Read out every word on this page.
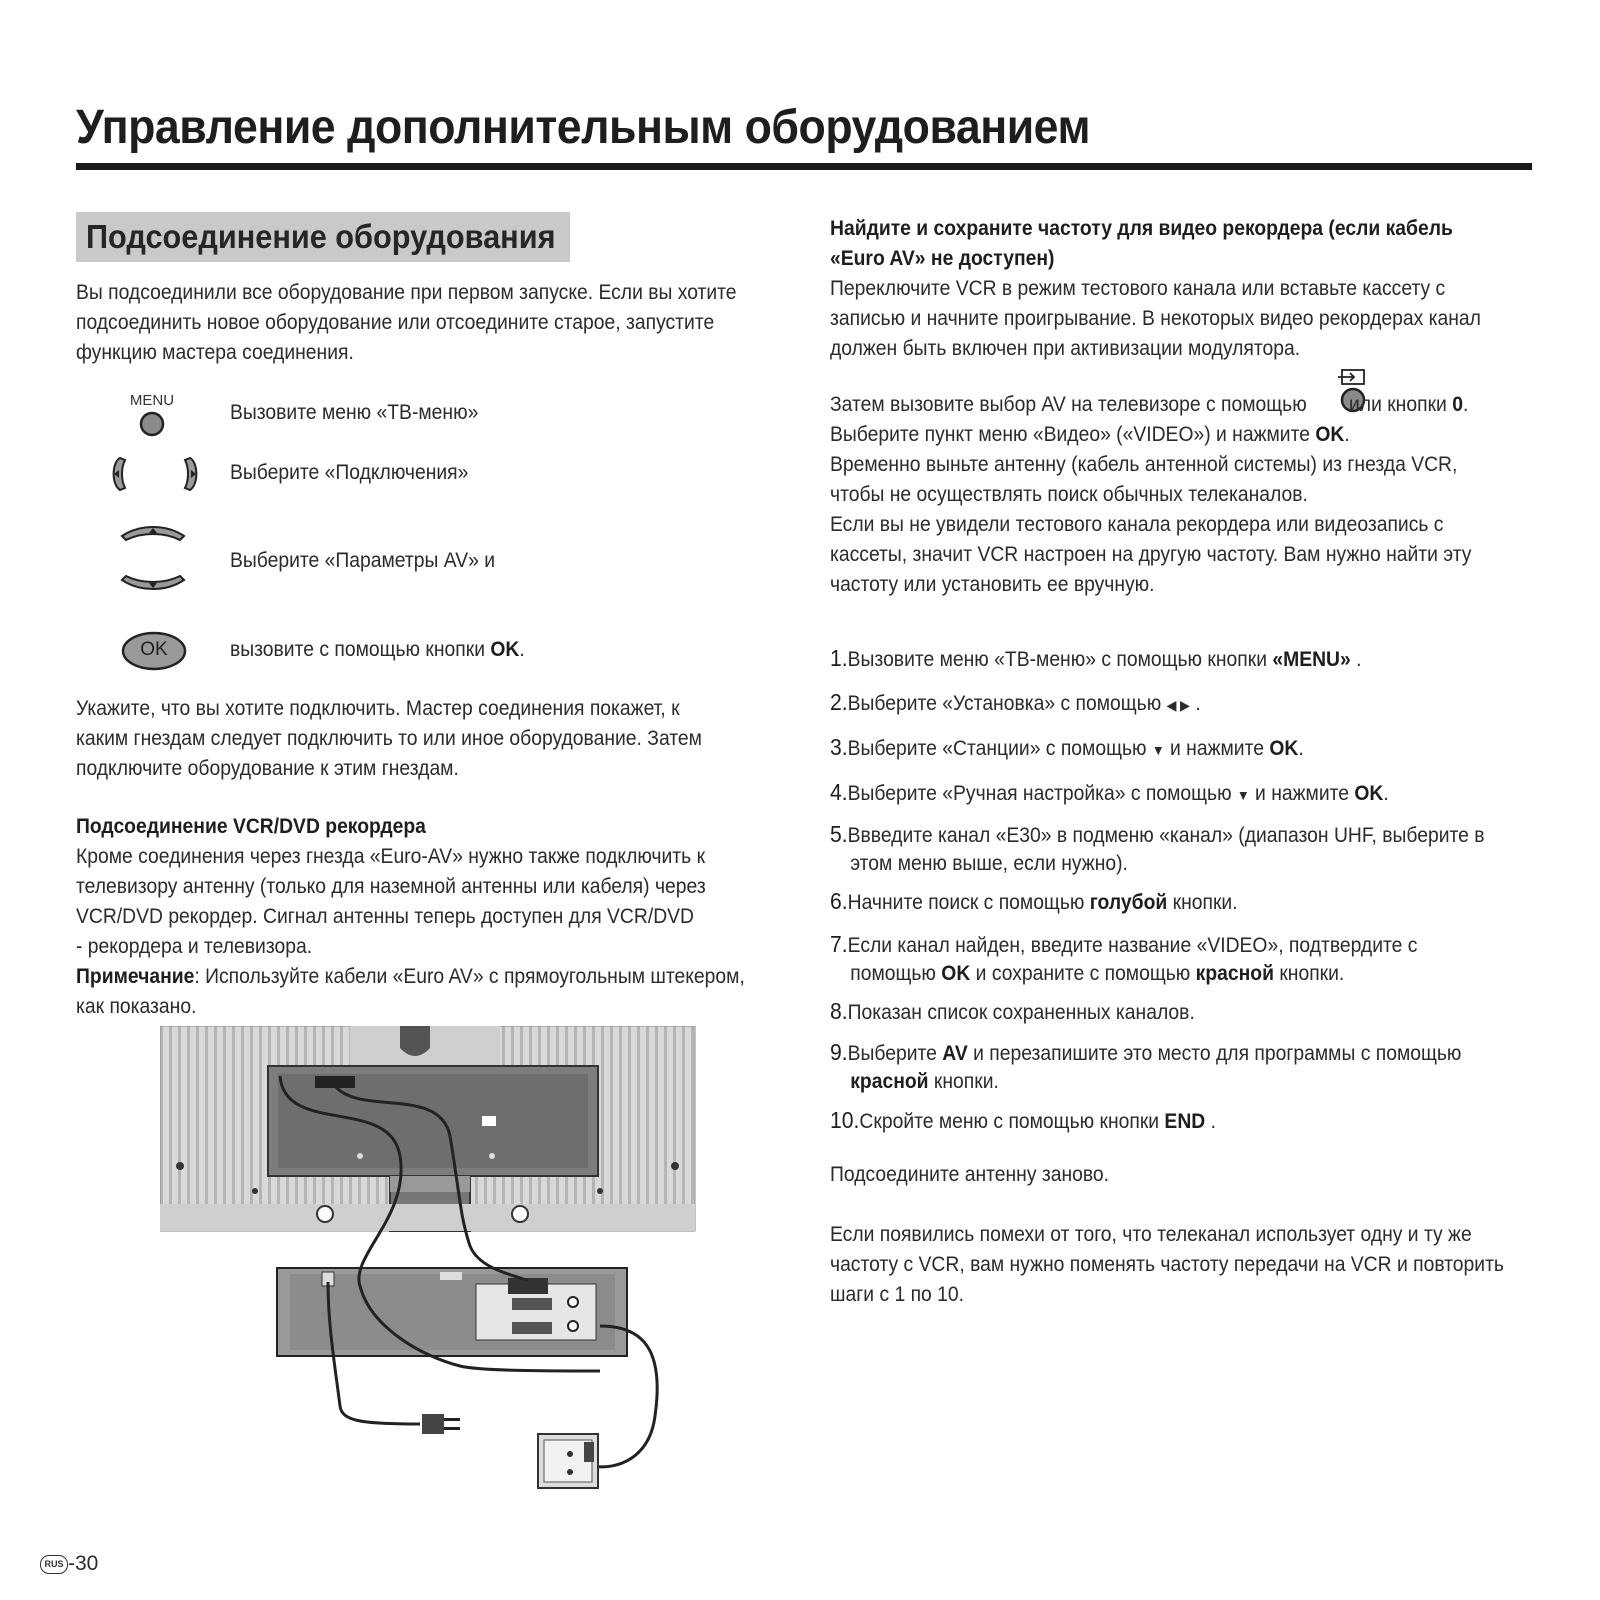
Управление дополнительным оборудованием
Подсоединение оборудования

Вы подсоединили все оборудование при первом запуске. Если вы хотите

подсоединить новое оборудование или отсоедините старое, запустите

функцию мастера соединения.

MENU
Вызовите меню «ТВ-меню»
Выберите «Подключения»
Выберите «Параметры AV» и
OK	вызовите с помощью кнопки OK.

Укажите, что вы хотите подключить. Мастер соединения покажет, к

каким гнездам следует подключить то или иное оборудование. Затем

подключите оборудование к этим гнездам.

Подсоединение VCR/DVD рекордера

Кроме соединения через гнезда «Euro-AV» нужно также подключить к

телевизору антенну (только для наземной антенны или кабеля) через

VCR/DVD рекордер. Сигнал антенны теперь доступен для VCR/DVD

- рекордера и телевизора.

Примечание: Используйте кабели «Euro AV» с прямоугольным штекером,

как показано.

Найдите и сохраните частоту для видео рекордера (если кабель

«Euro AV» не доступен)

Переключите VCR в режим тестового канала или вставьте кассету с

записью и начните проигрывание. В некоторых видео рекордерах канал

должен быть включен при активизации модулятора.

Затем вызовите выбор AV на телевизоре с помощью или кнопки 0.

Выберите пункт меню «Видео» («VIDEO») и нажмите OK.

Временно выньте антенну (кабель антенной системы) из гнезда VCR,

чтобы не осуществлять поиск обычных телеканалов.

Если вы не увидели тестового канала рекордера или видеозапись с

кассеты, значит VCR настроен на другую частоту. Вам нужно найти эту

частоту или установить ее вручную.

1.Вызовите меню «ТВ-меню» с помощью кнопки «MENU» .
2.Выберите «Установка» с помощью ◀ ▶ .
3.Выберите «Станции» с помощью ▼ и нажмите OK.
4.Выберите «Ручная настройка» с помощью ▼ и нажмите OK.
5.Ввведите канал «Е30» в подменю «канал» (диапазон UHF, выберите в
этом меню выше, если нужно).
6.Начните поиск с помощью голубой кнопки.
7.Если канал найден, введите название «VIDEO», подтвердите с
помощью OK и сохраните с помощью красной кнопки.
8.Показан список сохраненных каналов.
9.Выберите AV и перезапишите это место для программы с помощью
красной кнопки.
10.Скройте меню с помощью кнопки END .
Подсоедините антенну заново.

Если появились помехи от того, что телеканал использует одну и ту же

частоту с VCR, вам нужно поменять частоту передачи на VCR и повторить

шаги с 1 по 10.

RUS -30
